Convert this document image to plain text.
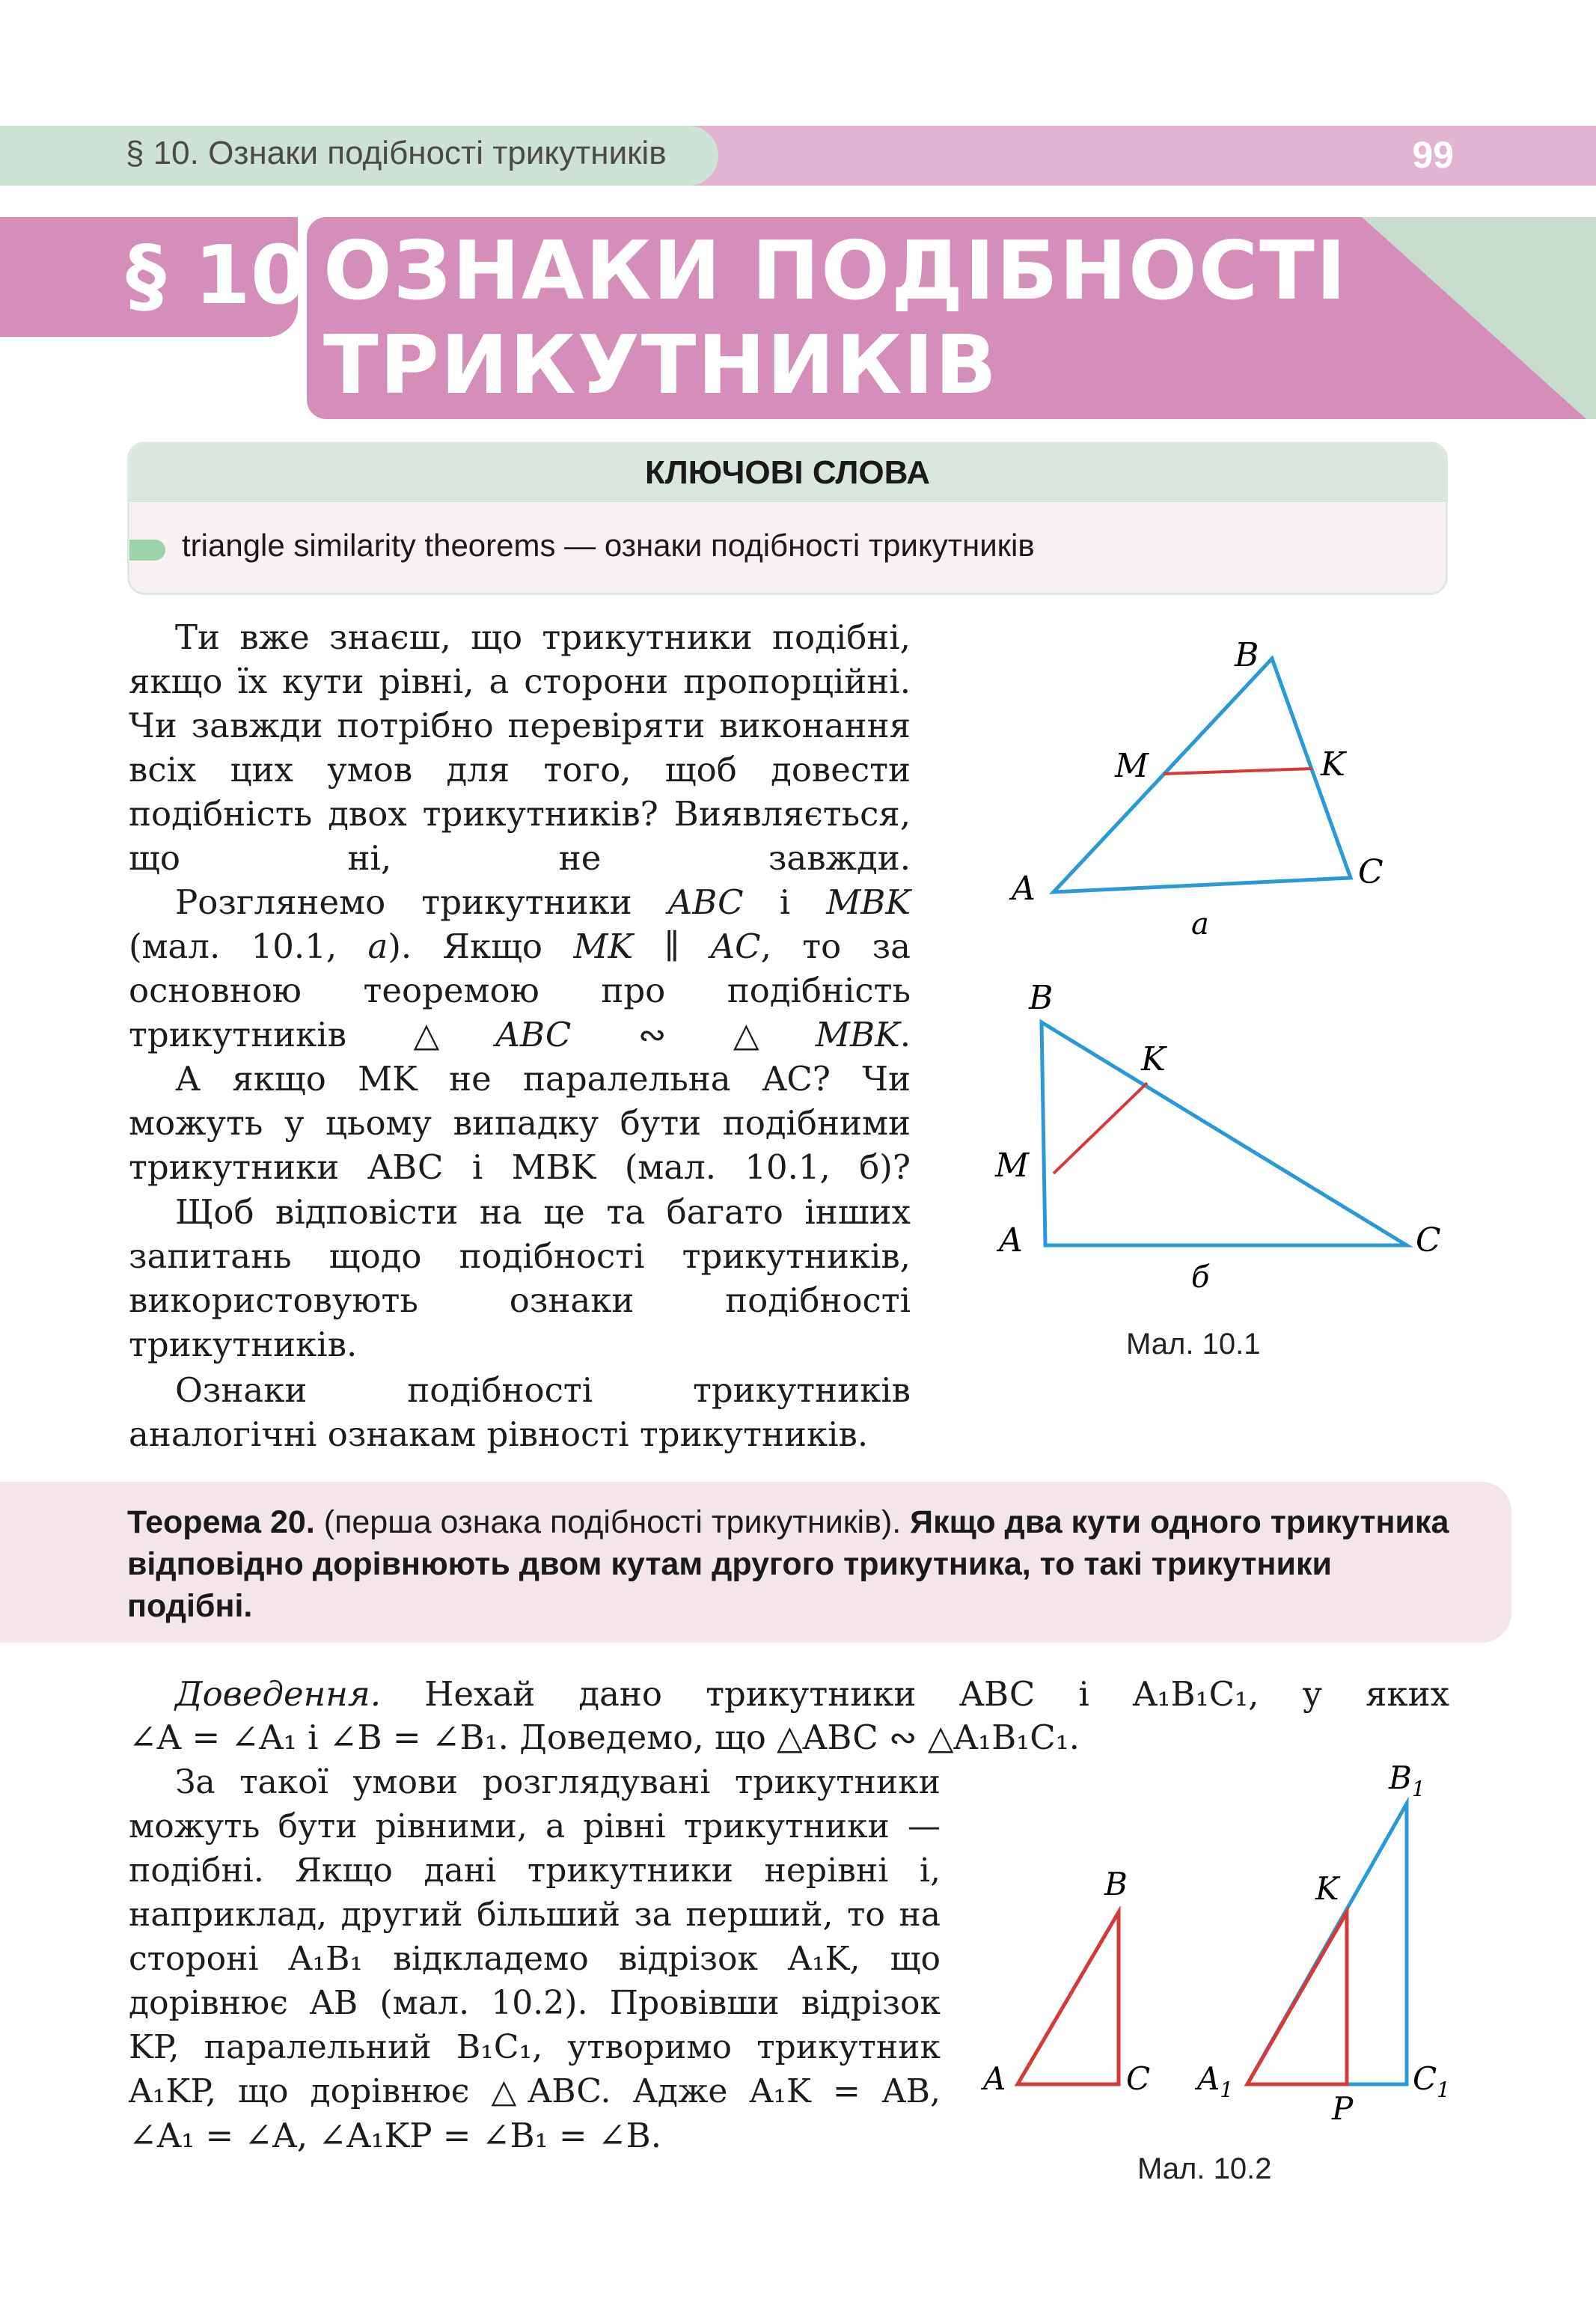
§ 10. Ознаки подібності трикутників	99
§ 10 ОЗНАКИ ПОДІБНОСТІ
ТРИКУТНИКІВ
КЛЮЧОВІ СЛОВА
triangle similarity theorems — ознаки подібності трикутників
Ти вже знаєш, що трикутники подібні, якщо їх кути рівні, а сторони пропорційні. Чи завжди потрібно перевіряти виконання всіх цих умов для того, щоб довести подібність двох трикутників? Виявляється, що ні, не завжди.
Розглянемо трикутники ABC і MBK (мал. 10.1, а). Якщо MK ∥ AC, то за основною теоремою про подібність трикутників △ABC ∾ △MBK.
А якщо MK не паралельна AC? Чи можуть у цьому випадку бути подібними трикутники ABC і MBK (мал. 10.1, б)?
Щоб відповісти на це та багато інших запитань щодо подібності трикутників, використовують ознаки подібності трикутників.
Ознаки подібності трикутників аналогічні ознакам рівності трикутників.
B
M	K
A	C
а
B
K
M
A	C
б
Мал. 10.1
Теорема 20. (перша ознака подібності трикутників). Якщо два кути одного трикутника відповідно дорівнюють двом кутам другого трикутника, то такі трикутники подібні.
Доведення. Нехай дано трикутники ABC і A₁B₁C₁, у яких
∠A = ∠A₁ і ∠B = ∠B₁. Доведемо, що △ABC ∾ △A₁B₁C₁.
За такої умови розглядувані трикутники можуть бути рівними, а рівні трикутники — подібні. Якщо дані трикутники нерівні і, наприклад, другий більший за перший, то на стороні A₁B₁ відкладемо відрізок A₁K, що дорівнює AB (мал. 10.2). Провівши відрізок KP, паралельний B₁C₁, утворимо трикутник A₁KP, що дорівнює △ABC. Адже A₁K = AB,
∠A₁ = ∠A, ∠A₁KP = ∠B₁ = ∠B.
B
A	C
$B_1$
K
$A_1$
P
$C_1$
Мал. 10.2
